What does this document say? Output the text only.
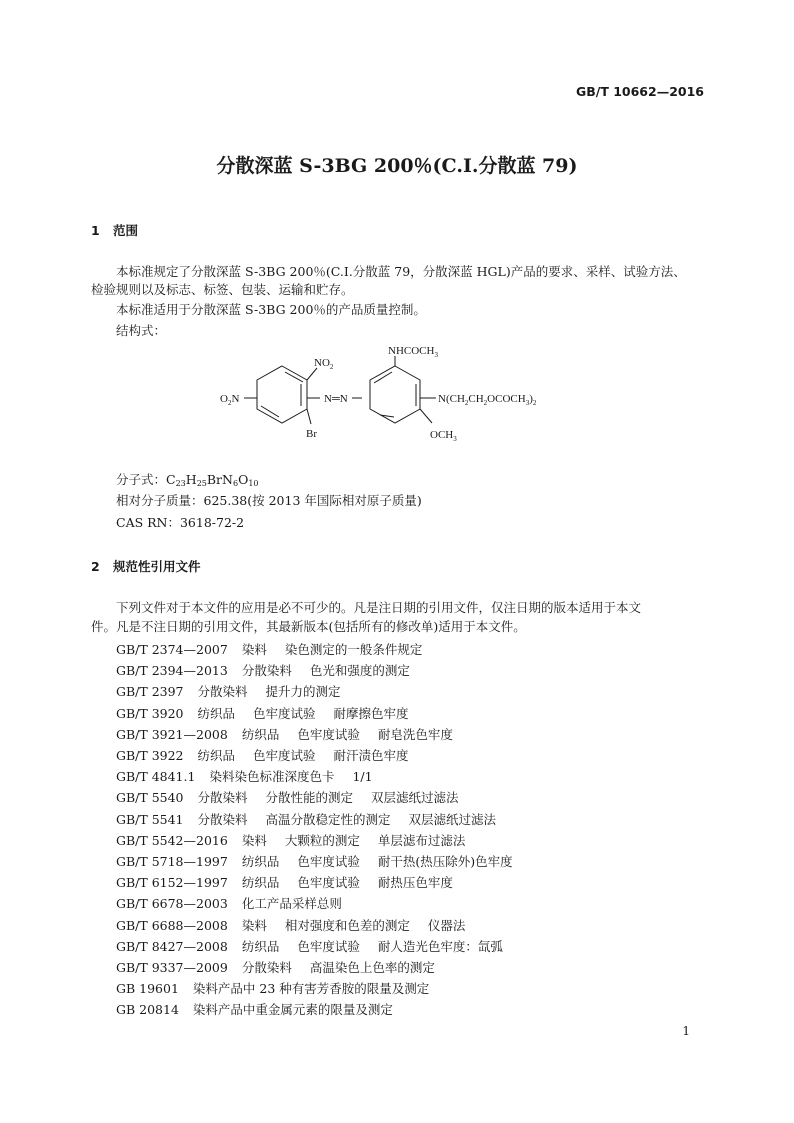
GB/T 10662—2016
分散深蓝 S-3BG 200％(C.I.分散蓝 79)
1 范围
本标准规定了分散深蓝 S-3BG 200％(C.I.分散蓝 79，分散深蓝 HGL)产品的要求、采样、试验方法、
检验规则以及标志、标签、包装、运输和贮存。
本标准适用于分散深蓝 S-3BG 200％的产品质量控制。
结构式：
$NHCOCH_3$
$NO_2$
$O_2N$	N═N	$N(CH_2CH_2OCOCH_3)_2$
Br	$OCH_3$
分子式：$C_{23}H_{25}BrN_6O_{10}$
相对分子质量：625.38(按 2013 年国际相对原子质量)
CAS RN：3618-72-2
2 规范性引用文件
下列文件对于本文件的应用是必不可少的。凡是注日期的引用文件，仅注日期的版本适用于本文
件。凡是不注日期的引用文件，其最新版本(包括所有的修改单)适用于本文件。
GB/T 2374—2007 染料 染色测定的一般条件规定
GB/T 2394—2013 分散染料 色光和强度的测定
GB/T 2397 分散染料 提升力的测定
GB/T 3920 纺织品 色牢度试验 耐摩擦色牢度
GB/T 3921—2008 纺织品 色牢度试验 耐皂洗色牢度
GB/T 3922 纺织品 色牢度试验 耐汗渍色牢度
GB/T 4841.1 染料染色标准深度色卡 1/1
GB/T 5540 分散染料 分散性能的测定 双层滤纸过滤法
GB/T 5541 分散染料 高温分散稳定性的测定 双层滤纸过滤法
GB/T 5542—2016 染料 大颗粒的测定 单层滤布过滤法
GB/T 5718—1997 纺织品 色牢度试验 耐干热(热压除外)色牢度
GB/T 6152—1997 纺织品 色牢度试验 耐热压色牢度
GB/T 6678—2003 化工产品采样总则
GB/T 6688—2008 染料 相对强度和色差的测定 仪器法
GB/T 8427—2008 纺织品 色牢度试验 耐人造光色牢度：氙弧
GB/T 9337—2009 分散染料 高温染色上色率的测定
GB 19601 染料产品中 23 种有害芳香胺的限量及测定
GB 20814 染料产品中重金属元素的限量及测定
1
